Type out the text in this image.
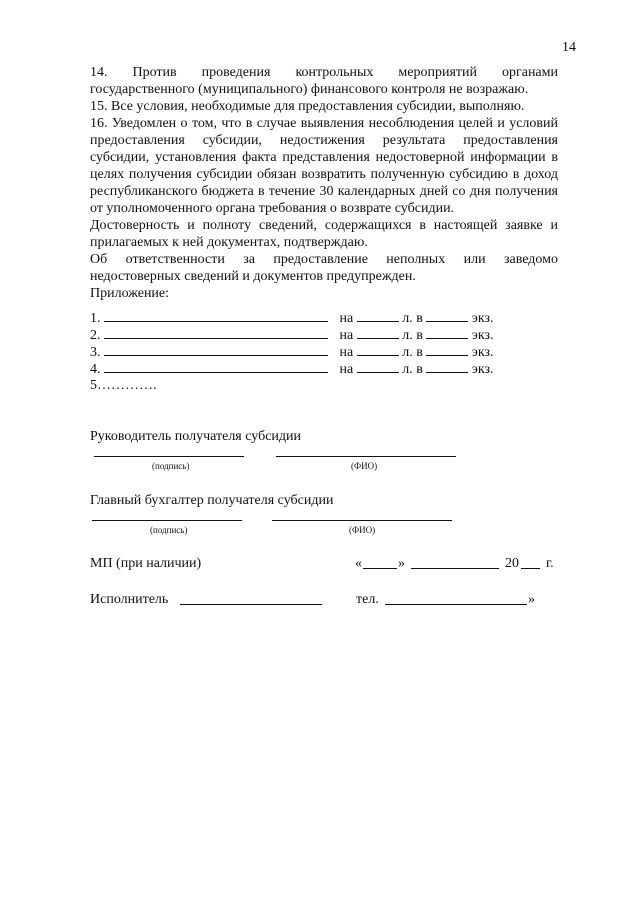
14

14. Против проведения контрольных мероприятий органами государственного (муниципального) финансового контроля не возражаю.

15. Все условия, необходимые для предоставления субсидии, выполняю.

16. Уведомлен о том, что в случае выявления несоблюдения целей и условий предоставления субсидии, недостижения результата предоставления субсидии, установления факта представления недостоверной информации в целях получения субсидии обязан возвратить полученную субсидию в доход республиканского бюджета в течение 30 календарных дней со дня получения от уполномоченного органа требования о возврате субсидии.

Достоверность и полноту сведений, содержащихся в настоящей заявке и прилагаемых к ней документах, подтверждаю.

Об ответственности за предоставление неполных или заведомо недостоверных сведений и документов предупрежден.

Приложение:

1.	на	л. в	экз.
2.	на	л. в	экз.
3.	на	л. в	экз.
4.	на	л. в	экз.
5………….
Руководитель получателя субсидии
(подпись)	(ФИО)
Главный бухгалтер получателя субсидии
(подпись)	(ФИО)
МП (при наличии)	«	»	20 г.
Исполнитель	тел.	»
